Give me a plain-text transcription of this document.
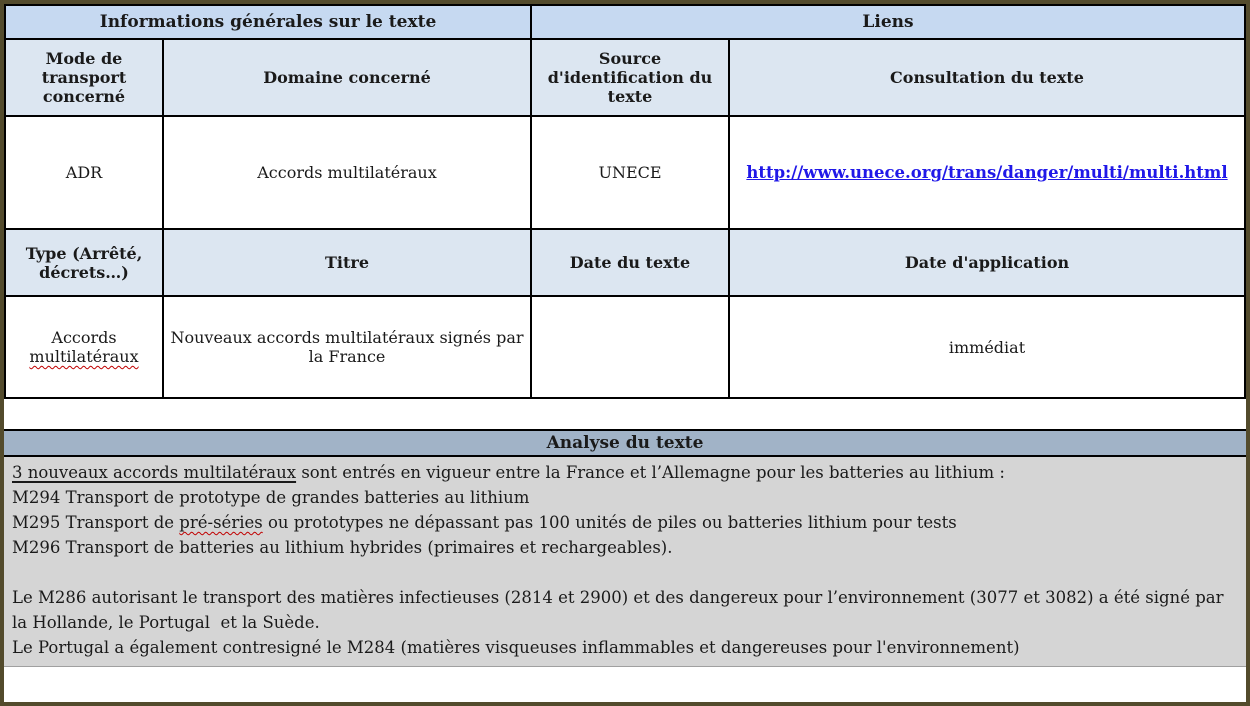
Informations générales sur le texte		Liens	
Mode de transport concerné	Domaine concerné	Source d'identification du texte	Consultation du texte
ADR	Accords multilatéraux	UNECE	http://www.unece.org/trans/danger/multi/multi.html
Type (Arrêté, décrets…)	Titre	Date du texte	Date d'application
Accords multilatéraux	Nouveaux accords multilatéraux signés par la France		immédiat
Analyse du texte

3 nouveaux accords multilatéraux sont entrés en vigueur entre la France et l’Allemagne pour les batteries au lithium :

M294 Transport de prototype de grandes batteries au lithium

M295 Transport de pré-séries ou prototypes ne dépassant pas 100 unités de piles ou batteries lithium pour tests

M296 Transport de batteries au lithium hybrides (primaires et rechargeables).

Le M286 autorisant le transport des matières infectieuses (2814 et 2900) et des dangereux pour l’environnement (3077 et 3082) a été signé par la Hollande, le Portugal  et la Suède.

Le Portugal a également contresigné le M284 (matières visqueuses inflammables et dangereuses pour l'environnement)
